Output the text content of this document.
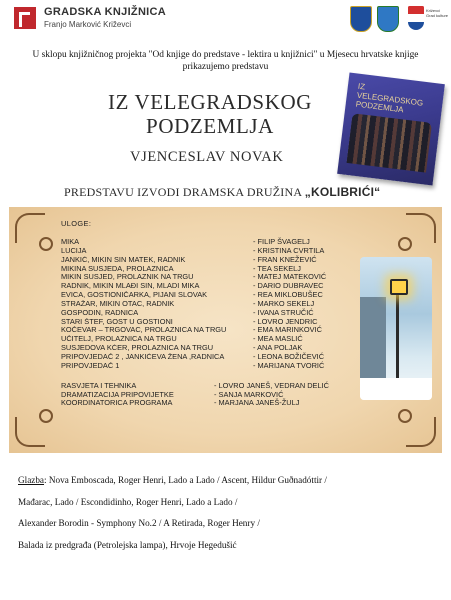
GRADSKA KNJIŽNICA
Franjo Marković Križevci
Križevci Grad kulture
U sklopu knjižničnog projekta "Od knjige do predstave - lektira u knjižnici" u Mjesecu hrvatske knjige prikazujemo predstavu
IZ VELEGRADSKOG PODZEMLJA
IZ VELEGRADSKOG
PODZEMLJA
VJENCESLAV NOVAK
PREDSTAVU IZVODI DRAMSKA DRUŽINA „KOLIBRIĆI“
ULOGE:
MIKA	- FILIP ŠVAGELJ
LUCIJA	- KRISTINA CVRTILA
JANKIĆ, MIKIN SIN MATEK, RADNIK	- FRAN KNEŽEVIĆ
MIKINA SUSJEDA, PROLAZNICA	- TEA SEKELJ
MIKIN SUSJED, PROLAZNIK NA TRGU	- MATEJ MATEKOVIĆ
RADNIK, MIKIN MLAĐI SIN, MLADI MIKA	- DARIO DUBRAVEC
EVICA, GOSTIONIČARKA, PIJANI SLOVAK	- REA MIKLOBUŠEC
STRAŽAR, MIKIN OTAC, RADNIK	- MARKO SEKELJ
GOSPODIN, RADNICA	- IVANA STRUČIĆ
STARI ŠTEF, GOST U GOSTIONI	- LOVRO JENDRIC
KOČEVAR – TRGOVAC, PROLAZNICA NA TRGU	- EMA MARINKOVIĆ
UČITELJ, PROLAZNICA NA TRGU	- MEA MASLIĆ
SUSJEDOVA KĆER, PROLAZNICA NA TRGU	- ANA POLJAK
PRIPOVJEDAČ 2 , JANKIĆEVA ŽENA ,RADNICA	- LEONA BOŽIČEVIĆ
PRIPOVJEDAČ 1	- MARIJANA TVORIĆ
RASVJETA I TEHNIKA	- LOVRO JANEŠ, VEDRAN DELIĆ
DRAMATIZACIJA PRIPOVIJETKE	- SANJA MARKOVIĆ
KOORDINATORICA PROGRAMA	- MARJANA JANEŠ-ŽULJ
Glazba: Nova Emboscada, Roger Henri, Lado a Lado / Ascent, Hildur Guðnadóttir /
Mađarac, Lado / Escondidinho, Roger Henri, Lado a Lado /
Alexander Borodin - Symphony No.2 / A Retirada, Roger Henry /
Balada iz predgrađa (Petrolejska lampa), Hrvoje Hegedušić
